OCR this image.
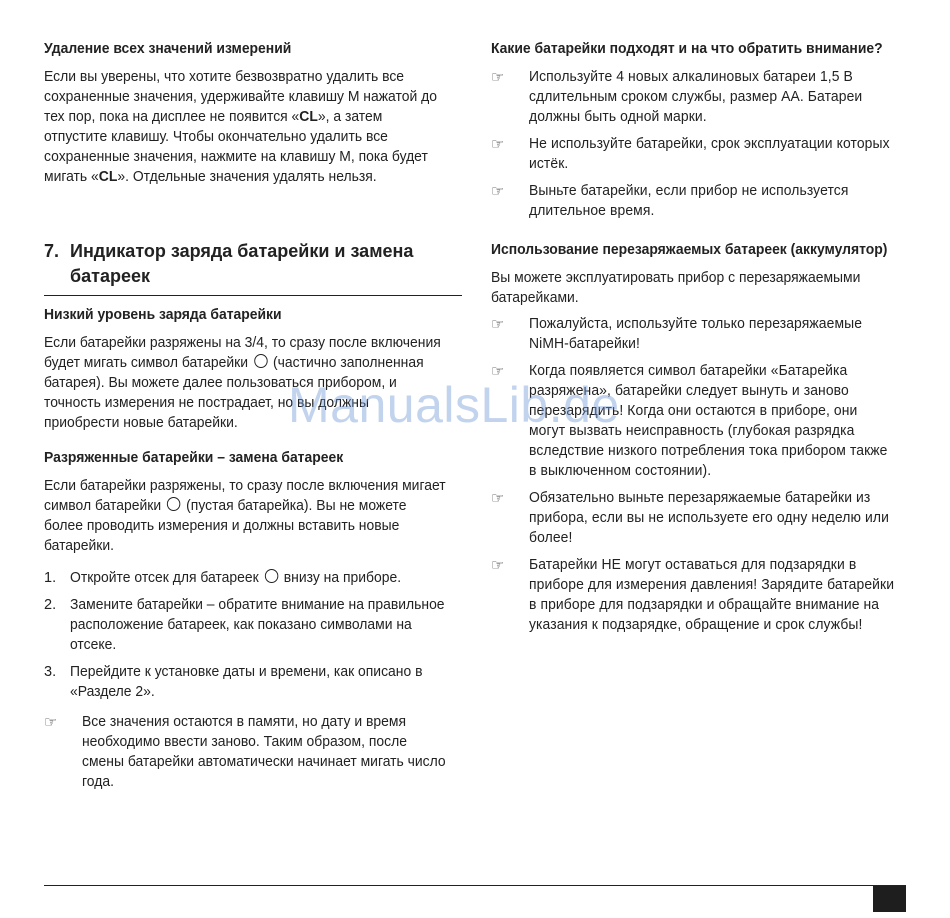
Удаление всех значений измерений
Если вы уверены, что хотите безвозвратно удалить все сохраненные значения, удерживайте клавишу M нажатой до тех пор, пока на дисплее не появится «CL», а затем отпустите клавишу. Чтобы окончательно удалить все сохраненные значения, нажмите на клавишу M, пока будет мигать «CL». Отдельные значения удалять нельзя.
7. Индикатор заряда батарейки и замена батареек
Низкий уровень заряда батарейки
Если батарейки разряжены на 3/4, то сразу после включения будет мигать символ батарейки (частично заполненная батарея). Вы можете далее пользоваться прибором, и точность измерения не пострадает, но вы должны приобрести новые батарейки.
Разряженные батарейки – замена батареек
Если батарейки разряжены, то сразу после включения мигает символ батарейки (пустая батарейка). Вы не можете более проводить измерения и должны вставить новые батарейки.
1. Откройте отсек для батареек внизу на приборе.
2. Замените батарейки – обратите внимание на правильное расположение батареек, как показано символами на отсеке.
3. Перейдите к установке даты и времени, как описано в «Разделе 2».
☞	Все значения остаются в памяти, но дату и время необходимо ввести заново. Таким образом, после смены батарейки автоматически начинает мигать число года.
Какие батарейки подходят и на что обратить внимание?
☞	Используйте 4 новых алкалиновых батареи 1,5 В сдлительным сроком службы, размер AA. Батареи должны быть одной марки.
☞	Не используйте батарейки, срок эксплуатации которых истёк.
☞	Выньте батарейки, если прибор не используется длительное время.
Использование перезаряжаемых батареек (аккумулятор)
Вы можете эксплуатировать прибор с перезаряжаемыми батарейками.
☞	Пожалуйста, используйте только перезаряжаемые NiMH-батарейки!
☞	Когда появляется символ батарейки «Батарейка разряжена», батарейки следует вынуть и заново перезарядить! Когда они остаются в приборе, они могут вызвать неисправность (глубокая разрядка вследствие низкого потребления тока прибором также в выключенном состоянии).
☞	Обязательно выньте перезаряжаемые батарейки из прибора, если вы не используете его одну неделю или более!
☞	Батарейки НЕ могут оставаться для подзарядки в приборе для измерения давления! Зарядите батарейки в приборе для подзарядки и обращайте внимание на указания к подзарядке, обращение и срок службы!
ManualsLib.de
